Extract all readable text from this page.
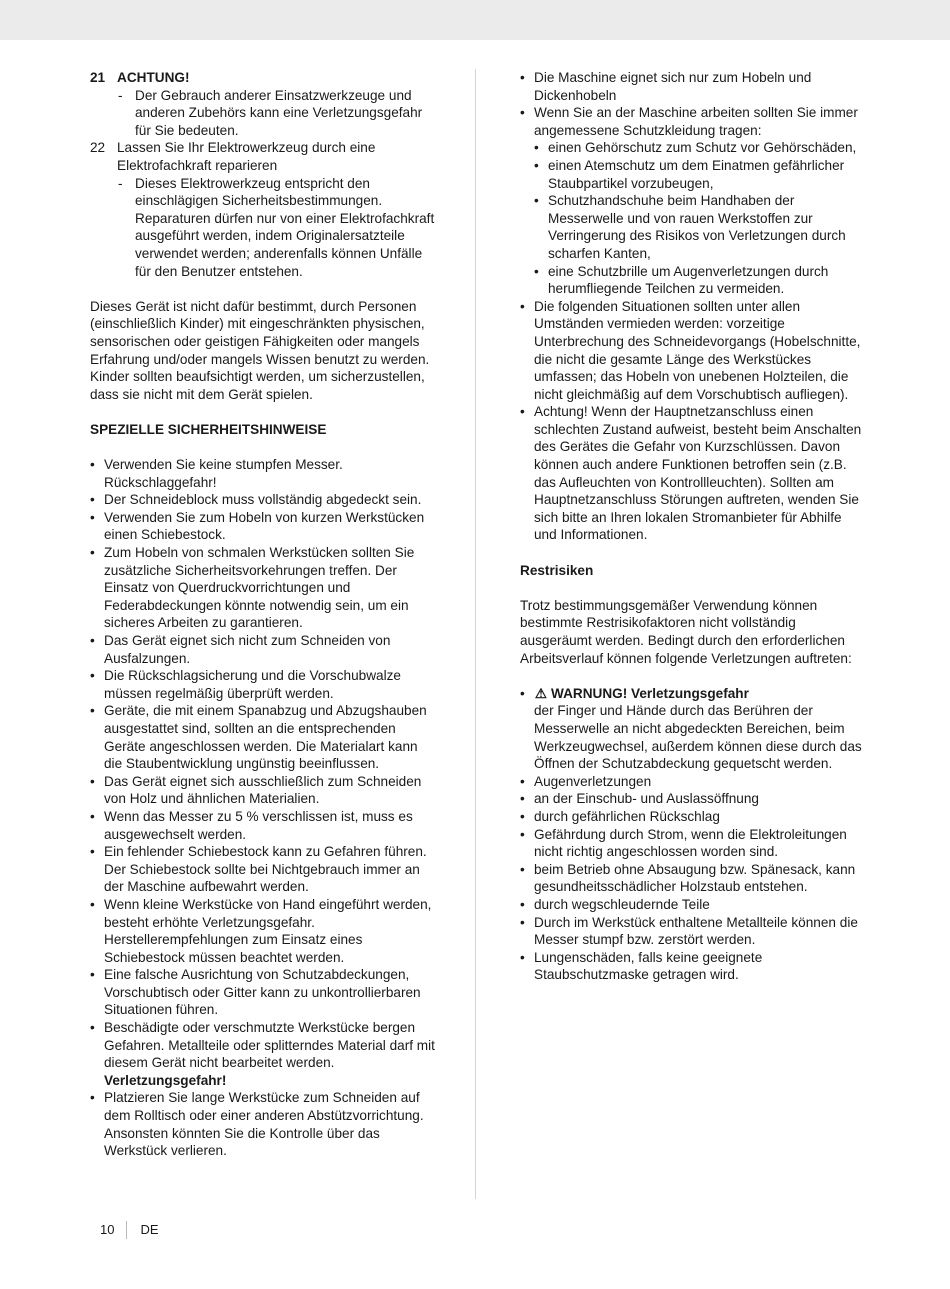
21 ACHTUNG!
- Der Gebrauch anderer Einsatzwerkzeuge und anderen Zubehörs kann eine Verletzungsgefahr für Sie bedeuten.
22 Lassen Sie Ihr Elektrowerkzeug durch eine Elektrofachkraft reparieren
- Dieses Elektrowerkzeug entspricht den einschlägigen Sicherheitsbestimmungen. Reparaturen dürfen nur von einer Elektrofachkraft ausgeführt werden, indem Originalersatzteile verwendet werden; anderenfalls können Unfälle für den Benutzer entstehen.

Dieses Gerät ist nicht dafür bestimmt, durch Personen (einschließlich Kinder) mit eingeschränkten physischen, sensorischen oder geistigen Fähigkeiten oder mangels Erfahrung und/oder mangels Wissen benutzt zu werden.

Kinder sollten beaufsichtigt werden, um sicherzustellen, dass sie nicht mit dem Gerät spielen.

SPEZIELLE SICHERHEITSHINWEISE

• Verwenden Sie keine stumpfen Messer. Rückschlaggefahr!
• Der Schneideblock muss vollständig abgedeckt sein.
• Verwenden Sie zum Hobeln von kurzen Werkstücken einen Schiebestock.
• Zum Hobeln von schmalen Werkstücken sollten Sie zusätzliche Sicherheitsvorkehrungen treffen. Der Einsatz von Querdruckvorrichtungen und Federabdeckungen könnte notwendig sein, um ein sicheres Arbeiten zu garantieren.
• Das Gerät eignet sich nicht zum Schneiden von Ausfalzungen.
• Die Rückschlagsicherung und die Vorschubwalze müssen regelmäßig überprüft werden.
• Geräte, die mit einem Spanabzug und Abzugshauben ausgestattet sind, sollten an die entsprechenden Geräte angeschlossen werden. Die Materialart kann die Staubentwicklung ungünstig beeinflussen.
• Das Gerät eignet sich ausschließlich zum Schneiden von Holz und ähnlichen Materialien.
• Wenn das Messer zu 5 % verschlissen ist, muss es ausgewechselt werden.
• Ein fehlender Schiebestock kann zu Gefahren führen. Der Schiebestock sollte bei Nichtgebrauch immer an der Maschine aufbewahrt werden.
• Wenn kleine Werkstücke von Hand eingeführt werden, besteht erhöhte Verletzungsgefahr. Herstellerempfehlungen zum Einsatz eines Schiebestock müssen beachtet werden.
• Eine falsche Ausrichtung von Schutzabdeckungen, Vorschubtisch oder Gitter kann zu unkontrollierbaren Situationen führen.
• Beschädigte oder verschmutzte Werkstücke bergen Gefahren. Metallteile oder splitterndes Material darf mit diesem Gerät nicht bearbeitet werden. Verletzungsgefahr!
• Platzieren Sie lange Werkstücke zum Schneiden auf dem Rolltisch oder einer anderen Abstützvorrichtung. Ansonsten könnten Sie die Kontrolle über das Werkstück verlieren.
• Die Maschine eignet sich nur zum Hobeln und Dickenhobeln
• Wenn Sie an der Maschine arbeiten sollten Sie immer angemessene Schutzkleidung tragen:
• einen Gehörschutz zum Schutz vor Gehörschäden,
• einen Atemschutz um dem Einatmen gefährlicher Staubpartikel vorzubeugen,
• Schutzhandschuhe beim Handhaben der Messerwelle und von rauen Werkstoffen zur Verringerung des Risikos von Verletzungen durch scharfen Kanten,
• eine Schutzbrille um Augenverletzungen durch herumfliegende Teilchen zu vermeiden.
• Die folgenden Situationen sollten unter allen Umständen vermieden werden: vorzeitige Unterbrechung des Schneidevorgangs (Hobelschnitte, die nicht die gesamte Länge des Werkstückes umfassen; das Hobeln von unebenen Holzteilen, die nicht gleichmäßig auf dem Vorschubtisch aufliegen).
• Achtung! Wenn der Hauptnetzanschluss einen schlechten Zustand aufweist, besteht beim Anschalten des Gerätes die Gefahr von Kurzschlüssen. Davon können auch andere Funktionen betroffen sein (z.B. das Aufleuchten von Kontrollleuchten). Sollten am Hauptnetzanschluss Störungen auftreten, wenden Sie sich bitte an Ihren lokalen Stromanbieter für Abhilfe und Informationen.

Restrisiken

Trotz bestimmungsgemäßer Verwendung können bestimmte Restrisikofaktoren nicht vollständig ausgeräumt werden. Bedingt durch den erforderlichen Arbeitsverlauf können folgende Verletzungen auftreten:

• ⚠ WARNUNG! Verletzungsgefahr
der Finger und Hände durch das Berühren der Messerwelle an nicht abgedeckten Bereichen, beim Werkzeugwechsel, außerdem können diese durch das Öffnen der Schutzabdeckung gequetscht werden.
• Augenverletzungen
• an der Einschub- und Auslassöffnung
• durch gefährlichen Rückschlag
• Gefährdung durch Strom, wenn die Elektroleitungen nicht richtig angeschlossen worden sind.
• beim Betrieb ohne Absaugung bzw. Spänesack, kann gesundheitsschädlicher Holzstaub entstehen.
• durch wegschleudernde Teile
• Durch im Werkstück enthaltene Metallteile können die Messer stumpf bzw. zerstört werden.
• Lungenschäden, falls keine geeignete Staubschutzmaske getragen wird.
10	DE
